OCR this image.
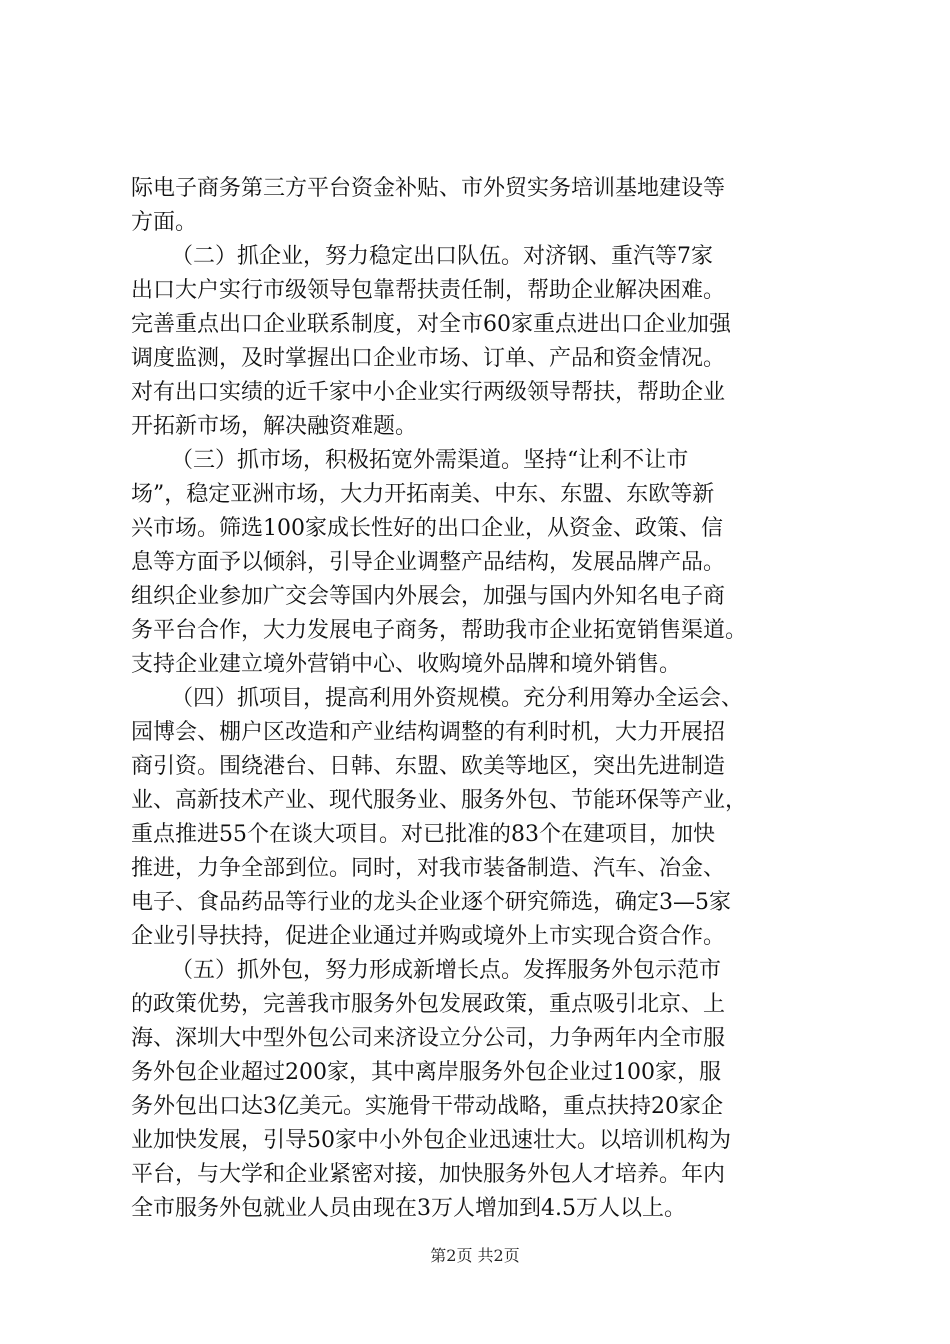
际电子商务第三方平台资金补贴、市外贸实务培训基地建设等
方面。
（二）抓企业，努力稳定出口队伍。对济钢、重汽等7家
出口大户实行市级领导包靠帮扶责任制，帮助企业解决困难。
完善重点出口企业联系制度，对全市60家重点进出口企业加强
调度监测，及时掌握出口企业市场、订单、产品和资金情况。
对有出口实绩的近千家中小企业实行两级领导帮扶，帮助企业
开拓新市场，解决融资难题。
（三）抓市场，积极拓宽外需渠道。坚持“让利不让市
场”，稳定亚洲市场，大力开拓南美、中东、东盟、东欧等新
兴市场。筛选100家成长性好的出口企业，从资金、政策、信
息等方面予以倾斜，引导企业调整产品结构，发展品牌产品。
组织企业参加广交会等国内外展会，加强与国内外知名电子商
务平台合作，大力发展电子商务，帮助我市企业拓宽销售渠道。
支持企业建立境外营销中心、收购境外品牌和境外销售。
（四）抓项目，提高利用外资规模。充分利用筹办全运会、
园博会、棚户区改造和产业结构调整的有利时机，大力开展招
商引资。围绕港台、日韩、东盟、欧美等地区，突出先进制造
业、高新技术产业、现代服务业、服务外包、节能环保等产业，
重点推进55个在谈大项目。对已批准的83个在建项目，加快
推进，力争全部到位。同时，对我市装备制造、汽车、冶金、
电子、食品药品等行业的龙头企业逐个研究筛选，确定3—5家
企业引导扶持，促进企业通过并购或境外上市实现合资合作。
（五）抓外包，努力形成新增长点。发挥服务外包示范市
的政策优势，完善我市服务外包发展政策，重点吸引北京、上
海、深圳大中型外包公司来济设立分公司，力争两年内全市服
务外包企业超过200家，其中离岸服务外包企业过100家，服
务外包出口达3亿美元。实施骨干带动战略，重点扶持20家企
业加快发展，引导50家中小外包企业迅速壮大。以培训机构为
平台，与大学和企业紧密对接，加快服务外包人才培养。年内
全市服务外包就业人员由现在3万人增加到4.5万人以上。
第2页 共2页
